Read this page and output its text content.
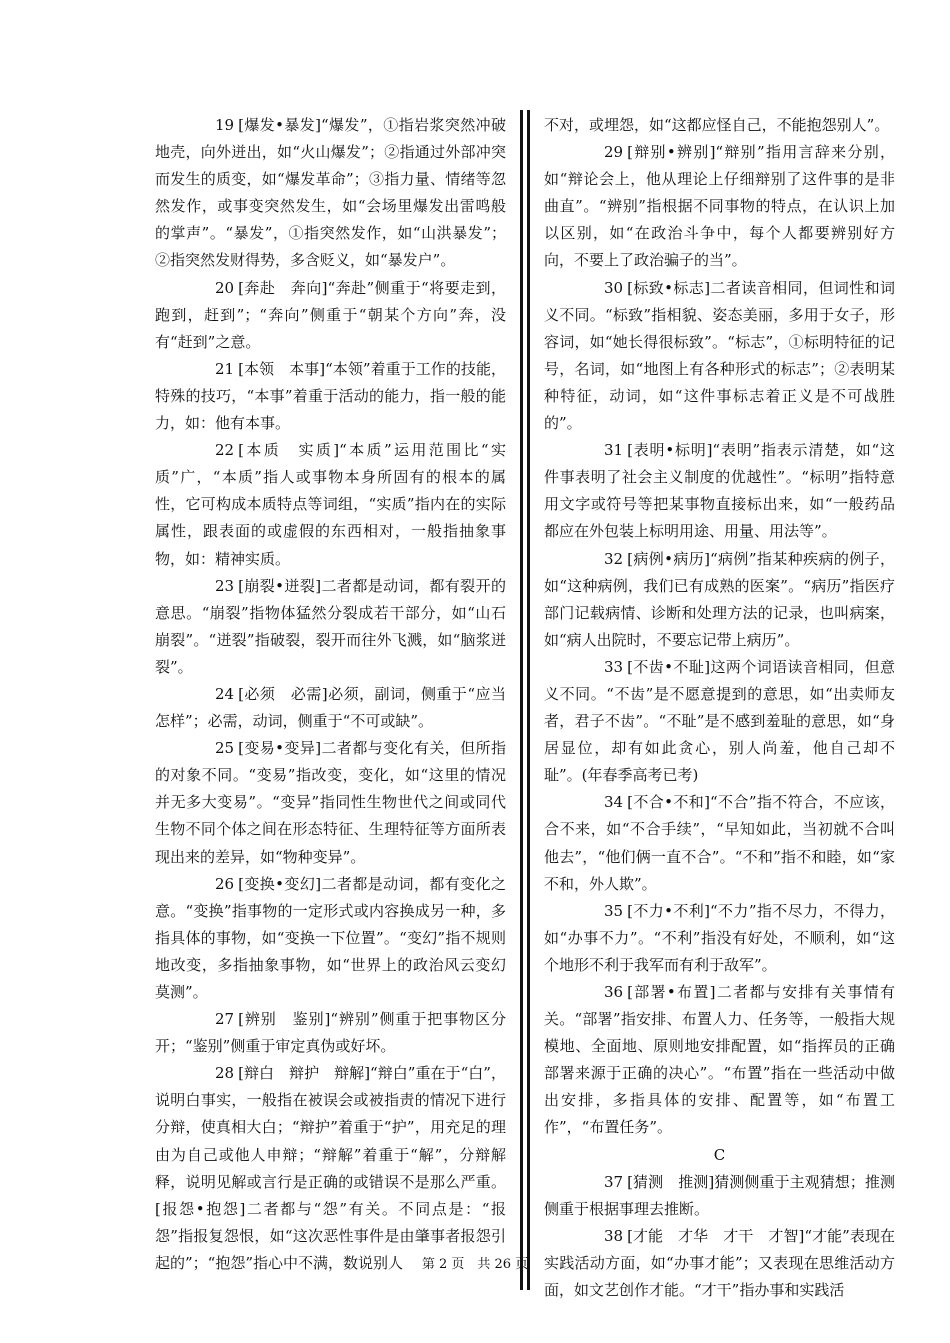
19 [爆发•暴发]“爆发”，①指岩浆突然冲破地壳，向外迸出，如“火山爆发”；②指通过外部冲突而发生的质变，如“爆发革命”；③指力量、情绪等忽然发作，或事变突然发生，如“会场里爆发出雷鸣般的掌声”。“暴发”，①指突然发作，如“山洪暴发”；②指突然发财得势，多含贬义，如“暴发户”。

20 [奔赴　奔向]“奔赴”侧重于“将要走到，跑到，赶到”；“奔向”侧重于“朝某个方向”奔，没有“赶到”之意。

21 [本领　本事]“本领”着重于工作的技能，特殊的技巧，“本事”着重于活动的能力，指一般的能力，如：他有本事。

22 [本质　实质]“本质”运用范围比“实质”广，“本质”指人或事物本身所固有的根本的属性，它可构成本质特点等词组，“实质”指内在的实际属性，跟表面的或虚假的东西相对，一般指抽象事物，如：精神实质。

23 [崩裂•迸裂]二者都是动词，都有裂开的意思。“崩裂”指物体猛然分裂成若干部分，如“山石崩裂”。“迸裂”指破裂，裂开而往外飞溅，如“脑浆迸裂”。

24 [必须　必需]必须，副词，侧重于“应当怎样”；必需，动词，侧重于“不可或缺”。

25 [变易•变异]二者都与变化有关，但所指的对象不同。“变易”指改变，变化，如“这里的情况并无多大变易”。“变异”指同性生物世代之间或同代生物不同个体之间在形态特征、生理特征等方面所表现出来的差异，如“物种变异”。

26 [变换•变幻]二者都是动词，都有变化之意。“变换”指事物的一定形式或内容换成另一种，多指具体的事物，如“变换一下位置”。“变幻”指不规则地改变，多指抽象事物，如“世界上的政治风云变幻莫测”。

27 [辨别　鉴别]“辨别”侧重于把事物区分开；“鉴别”侧重于审定真伪或好坏。

28 [辩白　辩护　辩解]“辩白”重在于“白”，说明白事实，一般指在被误会或被指责的情况下进行分辩，使真相大白；“辩护”着重于“护”，用充足的理由为自己或他人申辩；“辩解”着重于“解”，分辩解释，说明见解或言行是正确的或错误不是那么严重。[报怨•抱怨]二者都与“怨”有关。不同点是：“报怨”指报复怨恨，如“这次恶性事件是由肇事者报怨引起的”；“抱怨”指心中不满，数说别人

不对，或埋怨，如“这都应怪自己，不能抱怨别人”。

29 [辩别•辨别]“辩别”指用言辞来分别，如“辩论会上，他从理论上仔细辩别了这件事的是非曲直”。“辨别”指根据不同事物的特点，在认识上加以区别，如“在政治斗争中，每个人都要辨别好方向，不要上了政治骗子的当”。

30 [标致•标志]二者读音相同，但词性和词义不同。“标致”指相貌、姿态美丽，多用于女子，形容词，如“她长得很标致”。“标志”，①标明特征的记号，名词，如“地图上有各种形式的标志”；②表明某种特征，动词，如“这件事标志着正义是不可战胜的”。

31 [表明•标明]“表明”指表示清楚，如“这件事表明了社会主义制度的优越性”。“标明”指特意用文字或符号等把某事物直接标出来，如“一般药品都应在外包装上标明用途、用量、用法等”。

32 [病例•病历]“病例”指某种疾病的例子，如“这种病例，我们已有成熟的医案”。“病历”指医疗部门记载病情、诊断和处理方法的记录，也叫病案，如“病人出院时，不要忘记带上病历”。

33 [不齿•不耻]这两个词语读音相同，但意义不同。“不齿”是不愿意提到的意思，如“出卖师友者，君子不齿”。“不耻”是不感到羞耻的意思，如“身居显位，却有如此贪心，别人尚羞，他自己却不耻”。(年春季高考已考)

34 [不合•不和]“不合”指不符合，不应该，合不来，如“不合手续”，“早知如此，当初就不合叫他去”，“他们俩一直不合”。“不和”指不和睦，如“家不和，外人欺”。

35 [不力•不利]“不力”指不尽力，不得力，如“办事不力”。“不利”指没有好处，不顺利，如“这个地形不利于我军而有利于敌军”。

36 [部署•布置]二者都与安排有关事情有关。“部署”指安排、布置人力、任务等，一般指大规模地、全面地、原则地安排配置，如“指挥员的正确部署来源于正确的决心”。“布置”指在一些活动中做出安排，多指具体的安排、配置等，如“布置工作”，“布置任务”。

C

37 [猜测　推测]猜测侧重于主观猜想；推测侧重于根据事理去推断。

38 [才能　才华　才干　才智]“才能”表现在实践活动方面，如“办事才能”；又表现在思维活动方面，如文艺创作才能。“才干”指办事和实践活

第 2 页　共 26 页
